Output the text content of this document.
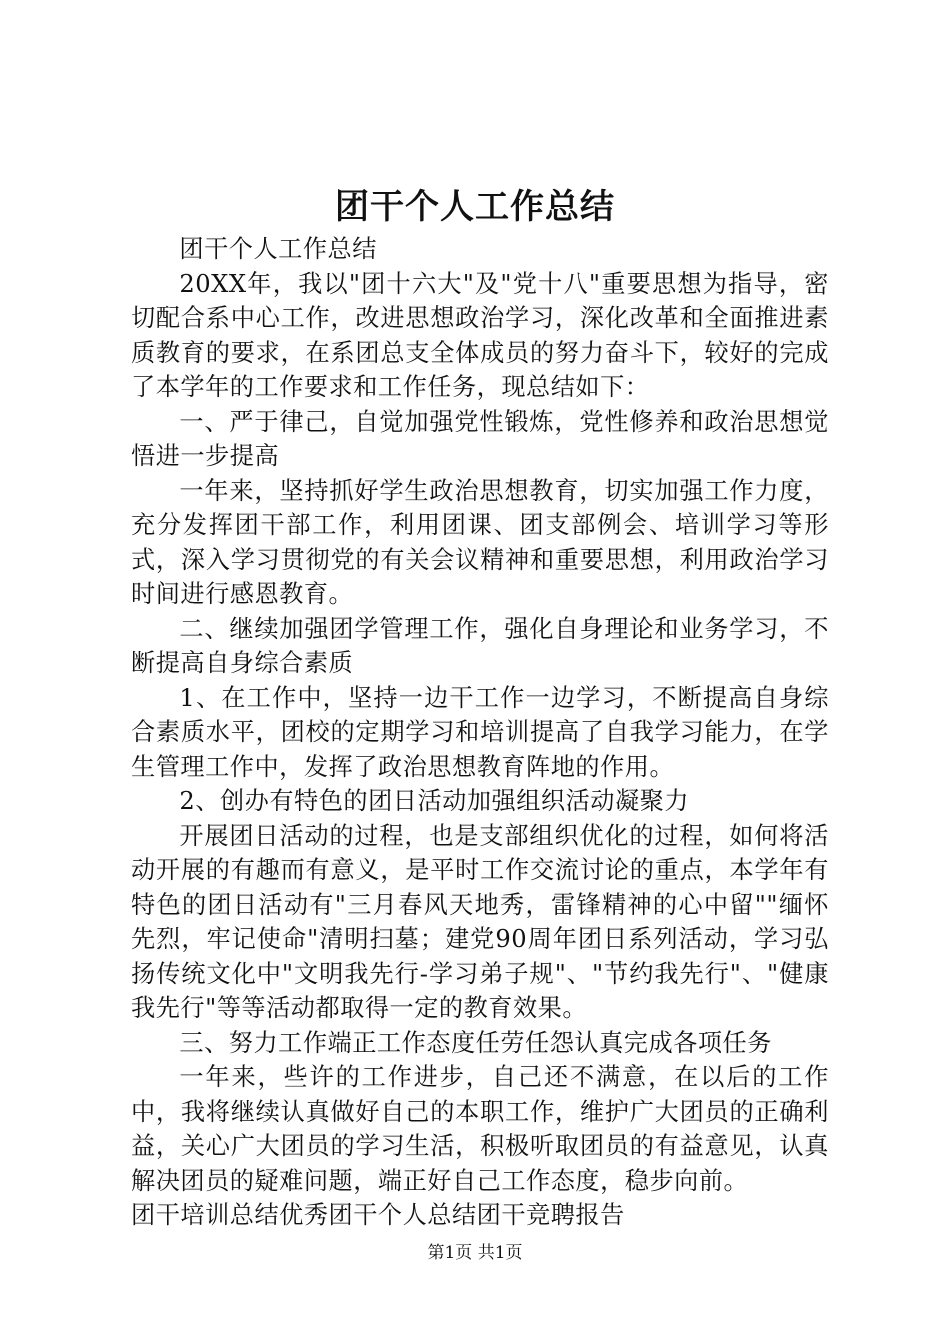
团干个人工作总结

团干个人工作总结

20XX年，我以"团十六大"及"党十八"重要思想为指导，密切配合系中心工作，改进思想政治学习，深化改革和全面推进素质教育的要求，在系团总支全体成员的努力奋斗下，较好的完成了本学年的工作要求和工作任务，现总结如下：

一、严于律己，自觉加强党性锻炼，党性修养和政治思想觉悟进一步提高

一年来，坚持抓好学生政治思想教育，切实加强工作力度，充分发挥团干部工作，利用团课、团支部例会、培训学习等形式，深入学习贯彻党的有关会议精神和重要思想，利用政治学习时间进行感恩教育。

二、继续加强团学管理工作，强化自身理论和业务学习，不断提高自身综合素质

1、在工作中，坚持一边干工作一边学习，不断提高自身综合素质水平，团校的定期学习和培训提高了自我学习能力，在学生管理工作中，发挥了政治思想教育阵地的作用。

2、创办有特色的团日活动加强组织活动凝聚力

开展团日活动的过程，也是支部组织优化的过程，如何将活动开展的有趣而有意义，是平时工作交流讨论的重点，本学年有特色的团日活动有"三月春风天地秀，雷锋精神的心中留""缅怀先烈，牢记使命"清明扫墓；建党90周年团日系列活动，学习弘扬传统文化中"文明我先行-学习弟子规"、"节约我先行"、"健康我先行"等等活动都取得一定的教育效果。

三、努力工作端正工作态度任劳任怨认真完成各项任务

一年来，些许的工作进步，自己还不满意，在以后的工作中，我将继续认真做好自己的本职工作，维护广大团员的正确利益，关心广大团员的学习生活，积极听取团员的有益意见，认真解决团员的疑难问题，端正好自己工作态度，稳步向前。

团干培训总结优秀团干个人总结团干竞聘报告

第1页 共1页
